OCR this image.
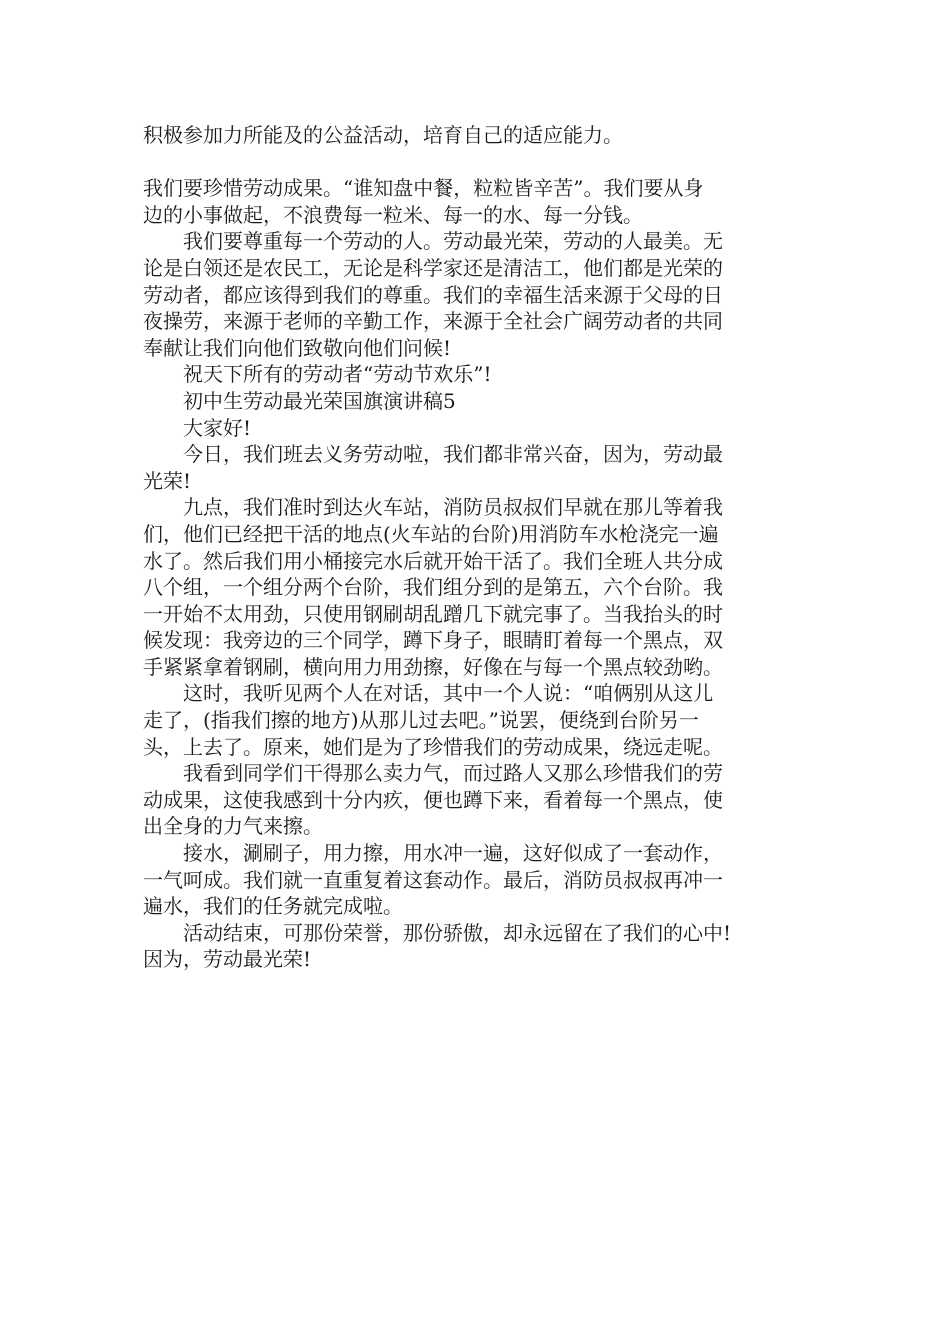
积极参加力所能及的公益活动，培育自己的适应能力。
我们要珍惜劳动成果。“谁知盘中餐，粒粒皆辛苦”。我们要从身
边的小事做起，不浪费每一粒米、每一的水、每一分钱。
　　我们要尊重每一个劳动的人。劳动最光荣，劳动的人最美。无
论是白领还是农民工，无论是科学家还是清洁工，他们都是光荣的
劳动者，都应该得到我们的尊重。我们的幸福生活来源于父母的日
夜操劳，来源于老师的辛勤工作，来源于全社会广阔劳动者的共同
奉献让我们向他们致敬向他们问候!
　　祝天下所有的劳动者“劳动节欢乐”!
　　初中生劳动最光荣国旗演讲稿5
　　大家好!
　　今日，我们班去义务劳动啦，我们都非常兴奋，因为，劳动最
光荣!
　　九点，我们准时到达火车站，消防员叔叔们早就在那儿等着我
们，他们已经把干活的地点(火车站的台阶)用消防车水枪浇完一遍
水了。然后我们用小桶接完水后就开始干活了。我们全班人共分成
八个组，一个组分两个台阶，我们组分到的是第五，六个台阶。我
一开始不太用劲，只使用钢刷胡乱蹭几下就完事了。当我抬头的时
候发现：我旁边的三个同学，蹲下身子，眼睛盯着每一个黑点，双
手紧紧拿着钢刷，横向用力用劲擦，好像在与每一个黑点较劲哟。
　　这时，我听见两个人在对话，其中一个人说：“咱俩别从这儿
走了，(指我们擦的地方)从那儿过去吧。”说罢，便绕到台阶另一
头，上去了。原来，她们是为了珍惜我们的劳动成果，绕远走呢。
　　我看到同学们干得那么卖力气，而过路人又那么珍惜我们的劳
动成果，这使我感到十分内疚，便也蹲下来，看着每一个黑点，使
出全身的力气来擦。
　　接水，涮刷子，用力擦，用水冲一遍，这好似成了一套动作，
一气呵成。我们就一直重复着这套动作。最后，消防员叔叔再冲一
遍水，我们的任务就完成啦。
　　活动结束，可那份荣誉，那份骄傲，却永远留在了我们的心中!
因为，劳动最光荣!
